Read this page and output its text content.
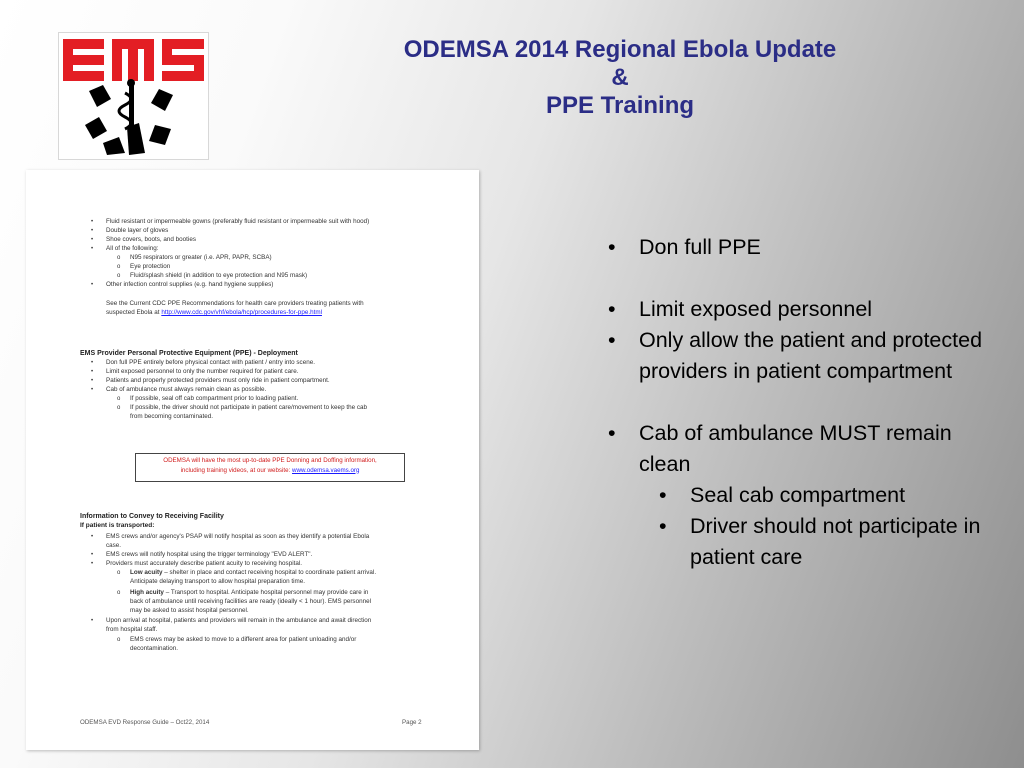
ODEMSA 2014 Regional Ebola Update
&
PPE Training
• Fluid resistant or impermeable gowns (preferably fluid resistant or impermeable suit with hood)
• Double layer of gloves
• Shoe covers, boots, and booties
• All of the following:
o N95 respirators or greater (i.e. APR, PAPR, SCBA)
o Eye protection
o Fluid/splash shield (in addition to eye protection and N95 mask)
• Other infection control supplies (e.g. hand hygiene supplies)
See the Current CDC PPE Recommendations for health care providers treating patients with
suspected Ebola at http://www.cdc.gov/vhf/ebola/hcp/procedures-for-ppe.html
EMS Provider Personal Protective Equipment (PPE) - Deployment
• Don full PPE entirely before physical contact with patient / entry into scene.
• Limit exposed personnel to only the number required for patient care.
• Patients and properly protected providers must only ride in patient compartment.
• Cab of ambulance must always remain clean as possible.
o If possible, seal off cab compartment prior to loading patient.
o If possible, the driver should not participate in patient care/movement to keep the cab
from becoming contaminated.
ODEMSA will have the most up-to-date PPE Donning and Doffing information,
including training videos, at our website: www.odemsa.vaems.org
Information to Convey to Receiving Facility
If patient is transported:
• EMS crews and/or agency's PSAP will notify hospital as soon as they identify a potential Ebola
case.
• EMS crews will notify hospital using the trigger terminology "EVD ALERT".
• Providers must accurately describe patient acuity to receiving hospital.
o Low acuity – shelter in place and contact receiving hospital to coordinate patient arrival.
Anticipate delaying transport to allow hospital preparation time.
o High acuity – Transport to hospital. Anticipate hospital personnel may provide care in
back of ambulance until receiving facilities are ready (ideally < 1 hour). EMS personnel
may be asked to assist hospital personnel.
• Upon arrival at hospital, patients and providers will remain in the ambulance and await direction
from hospital staff.
o EMS crews may be asked to move to a different area for patient unloading and/or
decontamination.
ODEMSA EVD Response Guide – Oct22, 2014	Page 2
• Don full PPE
• Limit exposed personnel
• Only allow the patient and protected providers in patient compartment
• Cab of ambulance MUST remain clean
• Seal cab compartment
• Driver should not participate in patient care
